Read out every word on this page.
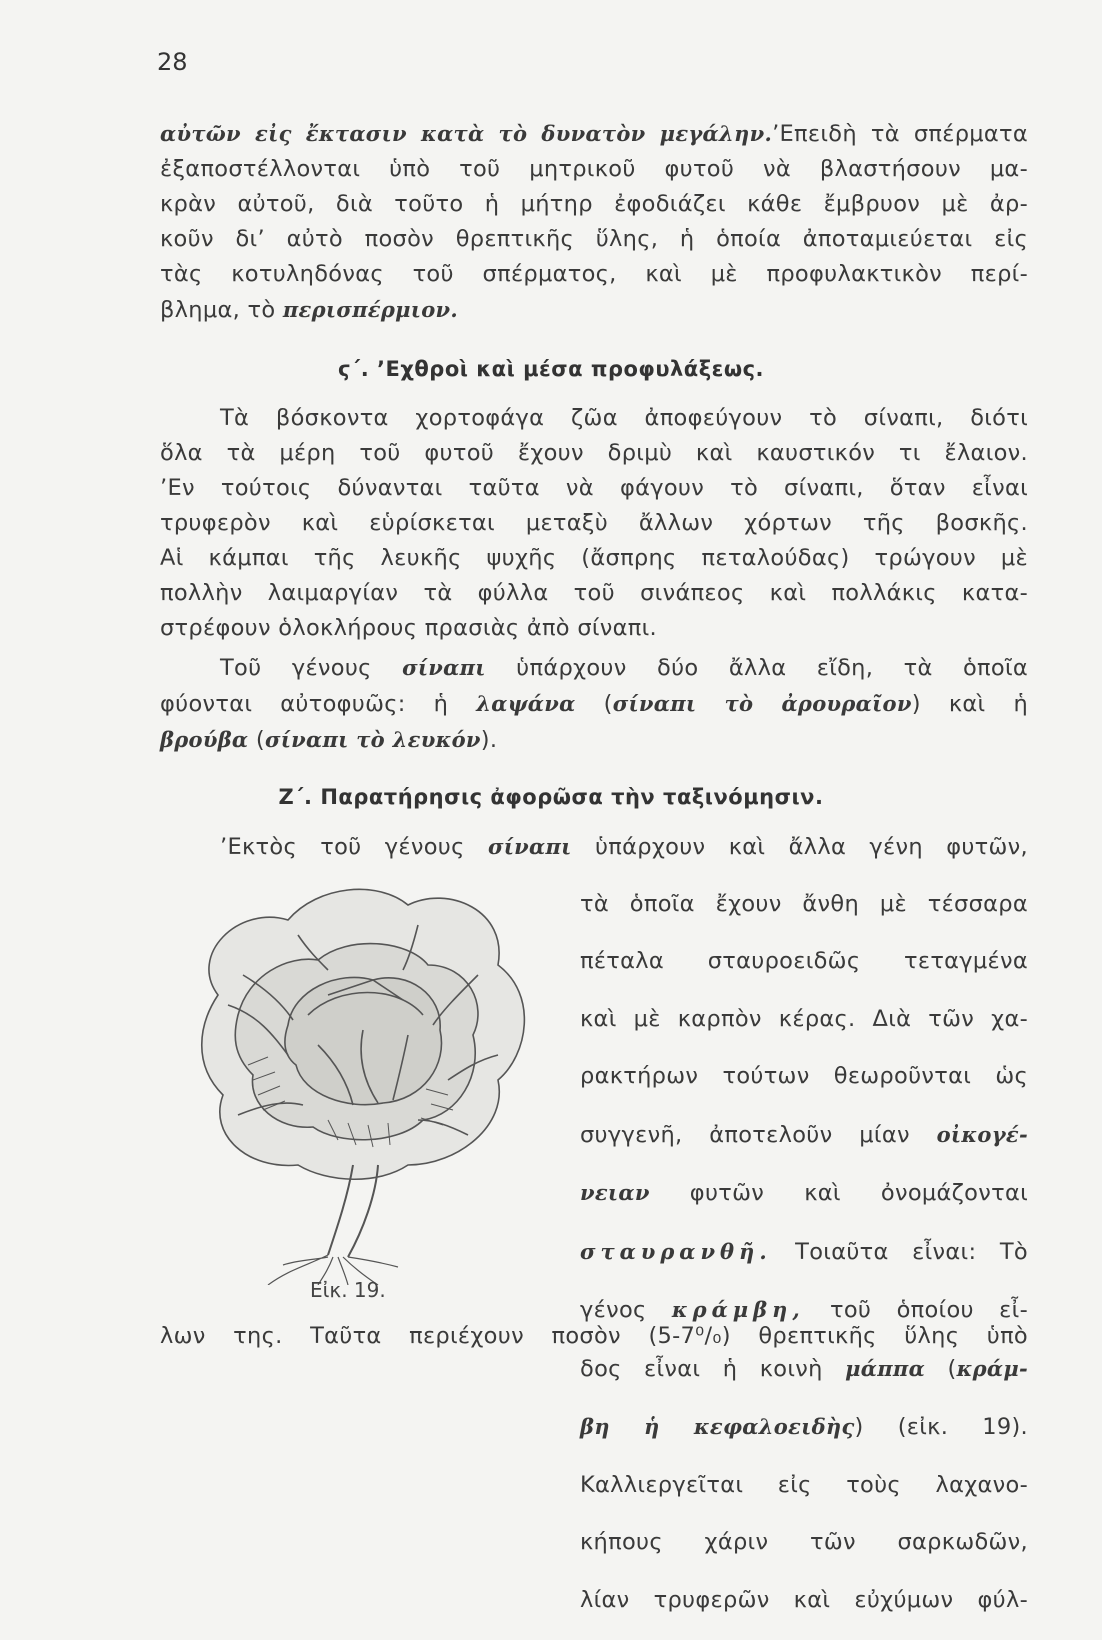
28

αὐτῶν εἰς ἔκτασιν κατὰ τὸ δυνατὸν μεγάλην.’Επειδὴ τὰ σπέρματα

ἐξαποστέλλονται ὑπὸ τοῦ μητρικοῦ φυτοῦ νὰ βλαστήσουν μα-

κρὰν αὐτοῦ, διὰ τοῦτο ἡ μήτηρ ἐφοδιάζει κάθε ἔμβρυον μὲ ἀρ-

κοῦν δι’ αὐτὸ ποσὸν θρεπτικῆς ὕλης, ἡ ὁποία ἀποταμιεύεται εἰς

τὰς κοτυληδόνας τοῦ σπέρματος, καὶ μὲ προφυλακτικὸν περί-

βλημα, τὸ περισπέρμιον.

ϛ΄. ’Εχθροὶ καὶ μέσα προφυλάξεως.

Τὰ βόσκοντα χορτοφάγα ζῶα ἀποφεύγουν τὸ σίναπι, διότι

ὅλα τὰ μέρη τοῦ φυτοῦ ἔχουν δριμὺ καὶ καυστικόν τι ἔλαιον.

’Εν τούτοις δύνανται ταῦτα νὰ φάγουν τὸ σίναπι, ὅταν εἶναι

τρυφερὸν καὶ εὑρίσκεται μεταξὺ ἄλλων χόρτων τῆς βοσκῆς.

Αἱ κάμπαι τῆς λευκῆς ψυχῆς (ἄσπρης πεταλούδας) τρώγουν μὲ

πολλὴν λαιμαργίαν τὰ φύλλα τοῦ σινάπεος καὶ πολλάκις κατα-

στρέφουν ὁλοκλήρους πρασιὰς ἀπὸ σίναπι.

Τοῦ γένους σίναπι ὑπάρχουν δύο ἄλλα εἴδη, τὰ ὁποῖα

φύονται αὐτοφυῶς: ἡ λαψάνα (σίναπι τὸ ἀρουραῖον) καὶ ἡ

βρούβα (σίναπι τὸ λευκόν).

Ζ΄. Παρατήρησις ἀφορῶσα τὴν ταξινόμησιν.

’Εκτὸς τοῦ γένους σίναπι ὑπάρχουν καὶ ἄλλα γένη φυτῶν,

Εἰκ. 19.

τὰ ὁποῖα ἔχουν ἄνθη μὲ τέσσαρα

πέταλα σταυροειδῶς τεταγμένα

καὶ μὲ καρπὸν κέρας. Διὰ τῶν χα-

ρακτήρων τούτων θεωροῦνται ὡς

συγγενῆ, ἀποτελοῦν μίαν οἰκογέ-

νειαν φυτῶν καὶ ὀνομάζονται

σταυρανθῆ. Τοιαῦτα εἶναι: Τὸ

γένος κράμβη, τοῦ ὁποίου εἶ-

δος εἶναι ἡ κοινὴ μάππα (κράμ-

βη ἡ κεφαλοειδὴς) (εἰκ. 19).

Καλλιεργεῖται εἰς τοὺς λαχανο-

κήπους χάριν τῶν σαρκωδῶν,

λίαν τρυφερῶν καὶ εὐχύμων φύλ-

λων της. Ταῦτα περιέχουν ποσὸν (5-7⁰/₀) θρεπτικῆς ὕλης ὑπὸ
